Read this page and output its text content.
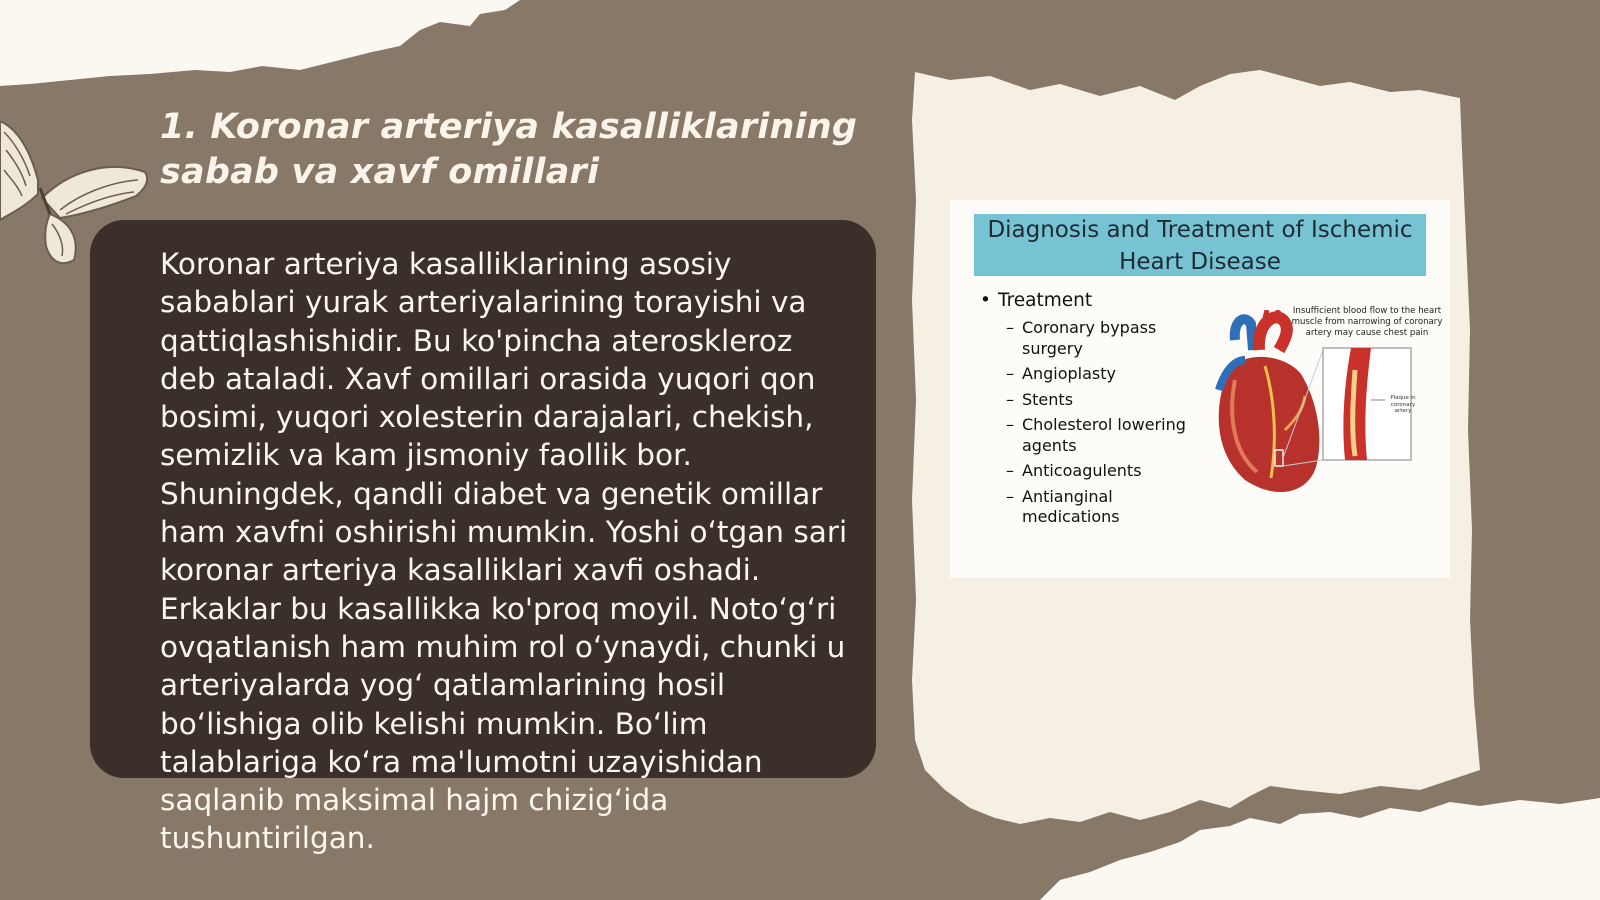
1. Koronar arteriya kasalliklarining
sabab va xavf omillari
Koronar arteriya kasalliklarining asosiy sabablari yurak arteriyalarining torayishi va qattiqlashishidir. Bu ko'pincha ateroskleroz deb ataladi. Xavf omillari orasida yuqori qon bosimi, yuqori xolesterin darajalari, chekish, semizlik va kam jismoniy faollik bor. Shuningdek, qandli diabet va genetik omillar ham xavfni oshirishi mumkin. Yoshi o‘tgan sari koronar arteriya kasalliklari xavfi oshadi. Erkaklar bu kasallikka ko'proq moyil. Noto‘g‘ri ovqatlanish ham muhim rol o‘ynaydi, chunki u arteriyalarda yog‘ qatlamlarining hosil bo‘lishiga olib kelishi mumkin. Bo‘lim talablariga ko‘ra ma'lumotni uzayishidan saqlanib maksimal hajm chizig‘ida tushuntirilgan.
Diagnosis and Treatment of Ischemic
Heart Disease
• Treatment
– Coronary bypass
surgery
– Angioplasty
– Stents
– Cholesterol lowering
agents
– Anticoagulents
– Antianginal
medications
Insufficient blood flow to the heart muscle from narrowing of coronary artery may cause chest pain
Plaque in coronary artery
